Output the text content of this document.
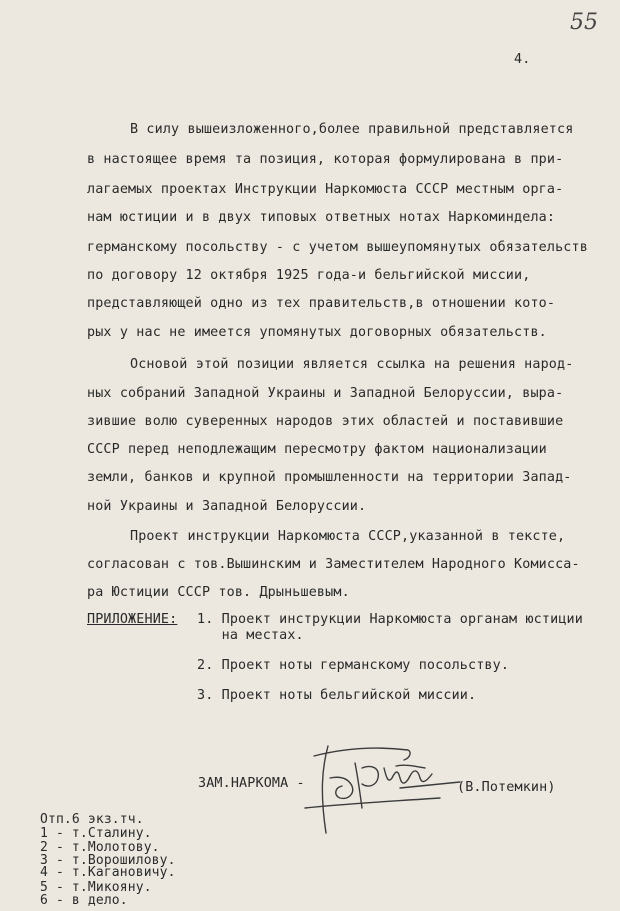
55
4.
В силу вышеизложенного,более правильной представляется
в настоящее время та позиция, которая формулирована в при-
лагаемых проектах Инструкции Наркомюста СССР местным орга-
нам юстиции и в двух типовых ответных нотах Наркоминдела:
германскому посольству - с учетом вышеупомянутых обязательств
по договору 12 октября 1925 года-и бельгийской миссии,
представляющей одно из тех правительств,в отношении кото-
рых у нас не имеется упомянутых договорных обязательств.
Основой этой позиции является ссылка на решения народ-
ных собраний Западной Украины и Западной Белоруссии, выра-
зившие волю суверенных народов этих областей и поставившие
СССР перед неподлежащим пересмотру фактом национализации
земли, банков и крупной промышленности на территории Запад-
ной Украины и Западной Белоруссии.
Проект инструкции Наркомюста СССР,указанной в тексте,
согласован с тов.Вышинским и Заместителем Народного Комисса-
ра Юстиции СССР тов. Дрыньшевым.
ПРИЛОЖЕНИЕ: 1. Проект инструкции Наркомюста органам юстиции
на местах.
2. Проект ноты германскому посольству.
3. Проект ноты бельгийской миссии.
ЗАМ.НАРКОМА -	(В.Потемкин)
Отп.6 экз.тч.
1 - т.Сталину.
2 - т.Молотову.
3 - т.Ворошилову.
4 - т.Кагановичу.
5 - т.Микояну.
6 - в дело.
